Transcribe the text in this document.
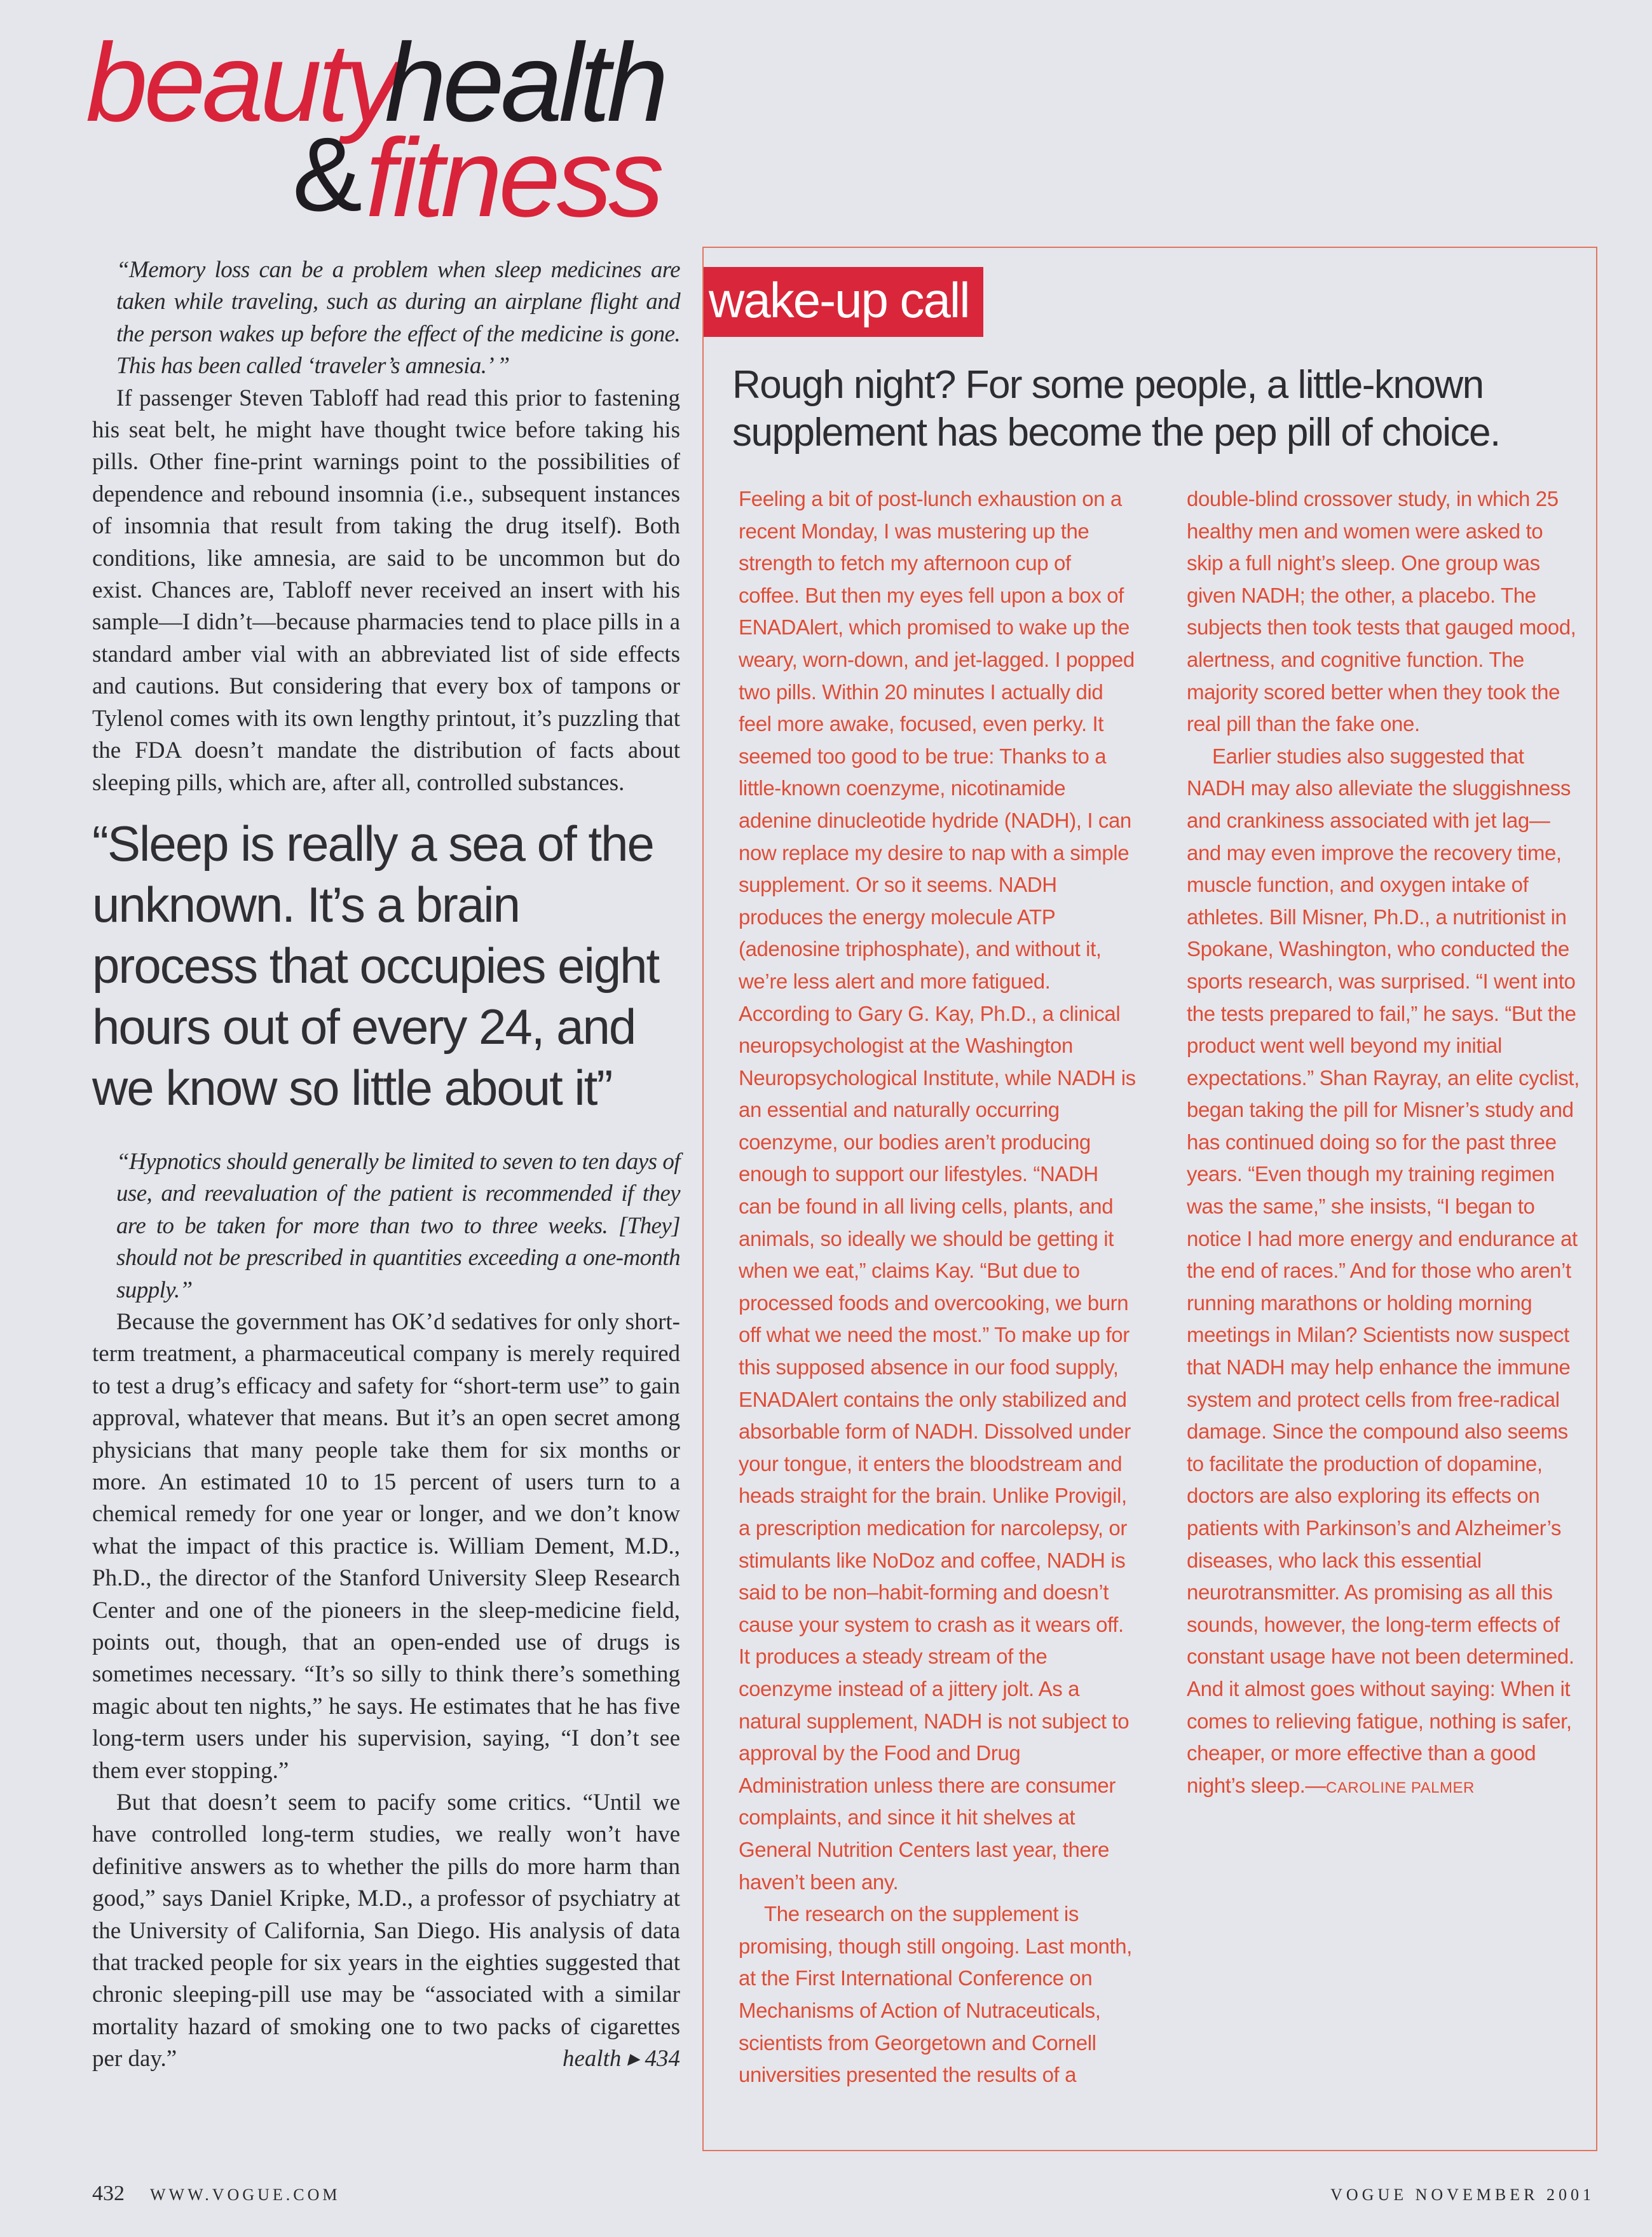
beauty
health
& fitness

“Memory loss can be a problem when sleep medicines are taken while traveling, such as during an airplane flight and the person wakes up before the effect of the medicine is gone. This has been called ‘traveler’s amnesia.’ ”

If passenger Steven Tabloff had read this prior to fastening his seat belt, he might have thought twice before taking his pills. Other fine-print warnings point to the possibilities of dependence and rebound insomnia (i.e., subsequent instances of insomnia that result from taking the drug itself). Both conditions, like amnesia, are said to be uncommon but do exist. Chances are, Tabloff never received an insert with his sample—I didn’t—because pharmacies tend to place pills in a standard amber vial with an abbreviated list of side effects and cautions. But considering that every box of tampons or Tylenol comes with its own lengthy printout, it’s puzzling that the FDA doesn’t mandate the distribution of facts about sleeping pills, which are, after all, controlled substances.

“Sleep is really a sea of the unknown. It’s a brain process that occupies eight hours out of every 24, and we know so little about it”

“Hypnotics should generally be limited to seven to ten days of use, and reevaluation of the patient is recommended if they are to be taken for more than two to three weeks. [They] should not be prescribed in quantities exceeding a one-month supply.”

Because the government has OK’d sedatives for only short-term treatment, a pharmaceutical company is merely required to test a drug’s efficacy and safety for “short-term use” to gain approval, whatever that means. But it’s an open secret among physicians that many people take them for six months or more. An estimated 10 to 15 percent of users turn to a chemical remedy for one year or longer, and we don’t know what the impact of this practice is. William Dement, M.D., Ph.D., the director of the Stanford University Sleep Research Center and one of the pioneers in the sleep-medicine field, points out, though, that an open-ended use of drugs is sometimes necessary. “It’s so silly to think there’s something magic about ten nights,” he says. He estimates that he has five long-term users under his supervision, saying, “I don’t see them ever stopping.”

But that doesn’t seem to pacify some critics. “Until we have controlled long-term studies, we really won’t have definitive answers as to whether the pills do more harm than good,” says Daniel Kripke, M.D., a professor of psychiatry at the University of California, San Diego. His analysis of data that tracked people for six years in the eighties suggested that chronic sleeping-pill use may be “associated with a similar mortality hazard of smoking one to two packs of cigarettes per day.”	health ▸ 434

wake-up call
Rough night? For some people, a little-known supplement has become the pep pill of choice.

Feeling a bit of post-lunch exhaustion on a recent Monday, I was mustering up the strength to fetch my afternoon cup of coffee. But then my eyes fell upon a box of ENADAlert, which promised to wake up the weary, worn-down, and jet-lagged. I popped two pills. Within 20 minutes I actually did feel more awake, focused, even perky. It seemed too good to be true: Thanks to a little-known coenzyme, nicotinamide adenine dinucleotide hydride (NADH), I can now replace my desire to nap with a simple supplement. Or so it seems. NADH produces the energy molecule ATP (adenosine triphosphate), and without it, we’re less alert and more fatigued. According to Gary G. Kay, Ph.D., a clinical neuropsychologist at the Washington Neuropsychological Institute, while NADH is an essential and naturally occurring coenzyme, our bodies aren’t producing enough to support our lifestyles. “NADH can be found in all living cells, plants, and animals, so ideally we should be getting it when we eat,” claims Kay. “But due to processed foods and overcooking, we burn off what we need the most.” To make up for this supposed absence in our food supply, ENADAlert contains the only stabilized and absorbable form of NADH. Dissolved under your tongue, it enters the bloodstream and heads straight for the brain. Unlike Provigil, a prescription medication for narcolepsy, or stimulants like NoDoz and coffee, NADH is said to be non–habit-forming and doesn’t cause your system to crash as it wears off. It produces a steady stream of the coenzyme instead of a jittery jolt. As a natural supplement, NADH is not subject to approval by the Food and Drug Administration unless there are consumer complaints, and since it hit shelves at General Nutrition Centers last year, there haven’t been any.

The research on the supplement is promising, though still ongoing. Last month, at the First International Conference on Mechanisms of Action of Nutraceuticals, scientists from Georgetown and Cornell universities presented the results of a double-blind crossover study, in which 25 healthy men and women were asked to skip a full night’s sleep. One group was given NADH; the other, a placebo. The subjects then took tests that gauged mood, alertness, and cognitive function. The majority scored better when they took the real pill than the fake one.

Earlier studies also suggested that NADH may also alleviate the sluggishness and crankiness associated with jet lag—and may even improve the recovery time, muscle function, and oxygen intake of athletes. Bill Misner, Ph.D., a nutritionist in Spokane, Washington, who conducted the sports research, was surprised. “I went into the tests prepared to fail,” he says. “But the product went well beyond my initial expectations.” Shan Rayray, an elite cyclist, began taking the pill for Misner’s study and has continued doing so for the past three years. “Even though my training regimen was the same,” she insists, “I began to notice I had more energy and endurance at the end of races.” And for those who aren’t running marathons or holding morning meetings in Milan? Scientists now suspect that NADH may help enhance the immune system and protect cells from free-radical damage. Since the compound also seems to facilitate the production of dopamine, doctors are also exploring its effects on patients with Parkinson’s and Alzheimer’s diseases, who lack this essential neurotransmitter. As promising as all this sounds, however, the long-term effects of constant usage have not been determined. And it almost goes without saying: When it comes to relieving fatigue, nothing is safer, cheaper, or more effective than a good night’s sleep.—CAROLINE PALMER

432 WWW.VOGUE.COM	VOGUE NOVEMBER 2001
